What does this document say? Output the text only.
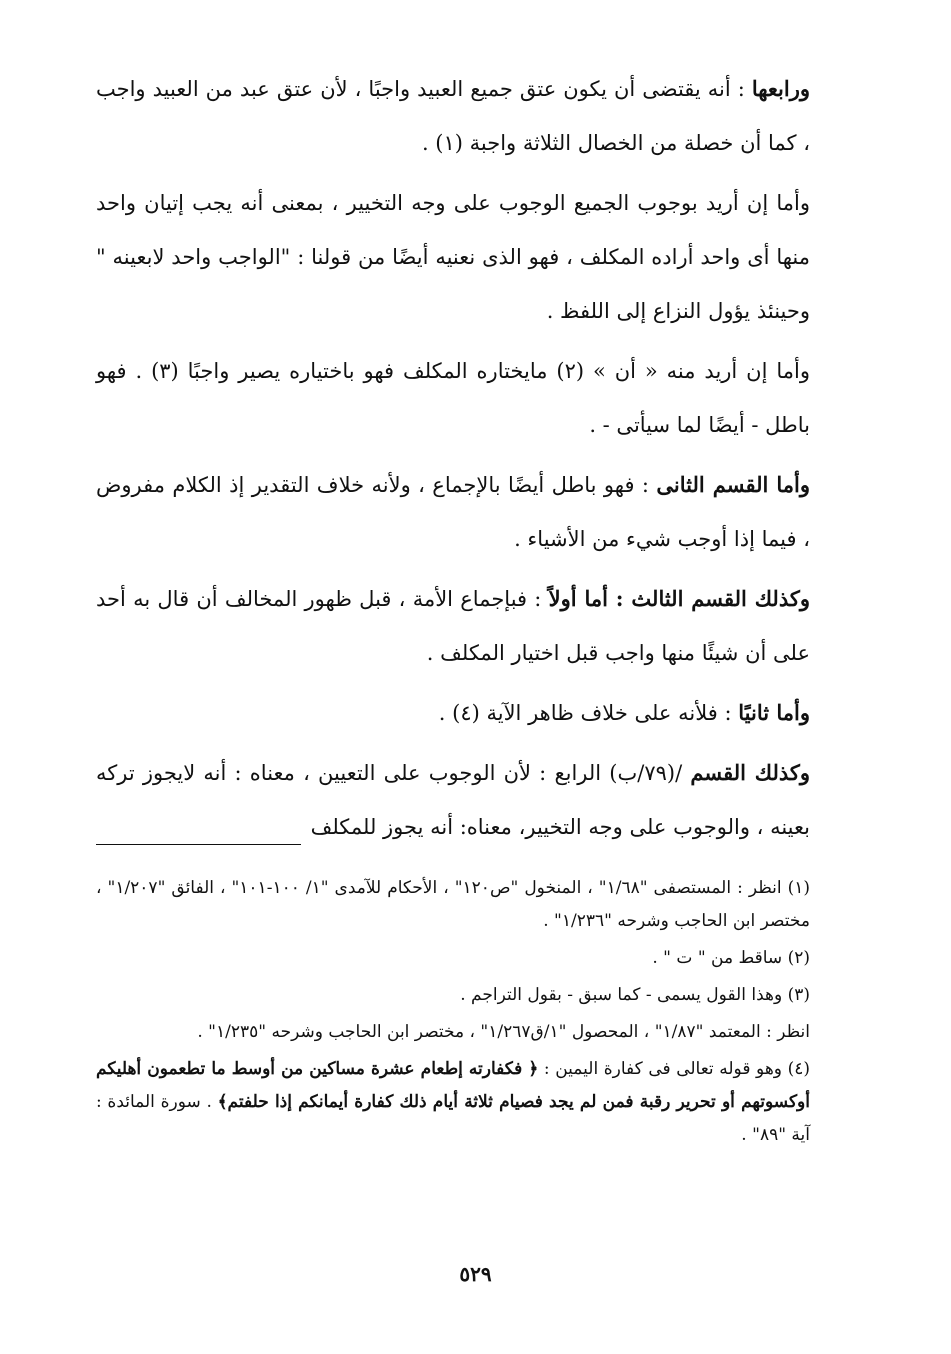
ورابعها : أنه يقتضى أن يكون عتق جميع العبيد واجبًا ، لأن عتق عبد من العبيد واجب ، كما أن خصلة من الخصال الثلاثة واجبة (١) .

وأما إن أريد بوجوب الجميع الوجوب على وجه التخيير ، بمعنى أنه يجب إتيان واحد منها أى واحد أراده المكلف ، فهو الذى نعنيه أيضًا من قولنا : "الواجب واحد لابعينه " وحينئذ يؤول النزاع إلى اللفظ .

وأما إن أريد منه « أن » (٢) مايختاره المكلف فهو باختياره يصير واجبًا (٣) . فهو باطل - أيضًا لما سيأتى - .

وأما القسم الثانى : فهو باطل أيضًا بالإجماع ، ولأنه خلاف التقدير إذ الكلام مفروض ، فيما إذا أوجب شيء من الأشياء .

وكذلك القسم الثالث : أما أولاً : فبإجماع الأمة ، قبل ظهور المخالف أن قال به أحد على أن شيئًا منها واجب قبل اختيار المكلف .

وأما ثانيًا : فلأنه على خلاف ظاهر الآية (٤) .

وكذلك القسم /(٧٩/ب) الرابع : لأن الوجوب على التعيين ، معناه : أنه لايجوز تركه بعينه ، والوجوب على وجه التخيير، معناه: أنه يجوز للمكلف

(١) انظر : المستصفى "١/٦٨" ، المنخول "ص١٢٠" ، الأحكام للآمدى "١/ ١٠٠-١٠١" ، الفائق "١/٢٠٧" ، مختصر ابن الحاجب وشرحه "١/٢٣٦" .

(٢) ساقط من " ت " .

(٣) وهذا القول يسمى - كما سبق - بقول التراجم .

انظر : المعتمد "١/٨٧" ، المحصول "١/ق١/٢٦٧" ، مختصر ابن الحاجب وشرحه "١/٢٣٥" .

(٤) وهو قوله تعالى فى كفارة اليمين : ﴿ فكفارته إطعام عشرة مساكين من أوسط ما تطعمون أهليكم أوكسوتهم أو تحرير رقبة فمن لم يجد فصيام ثلاثة أيام ذلك كفارة أيمانكم إذا حلفتم﴾ . سورة المائدة : آية "٨٩" .

٥٢٩
